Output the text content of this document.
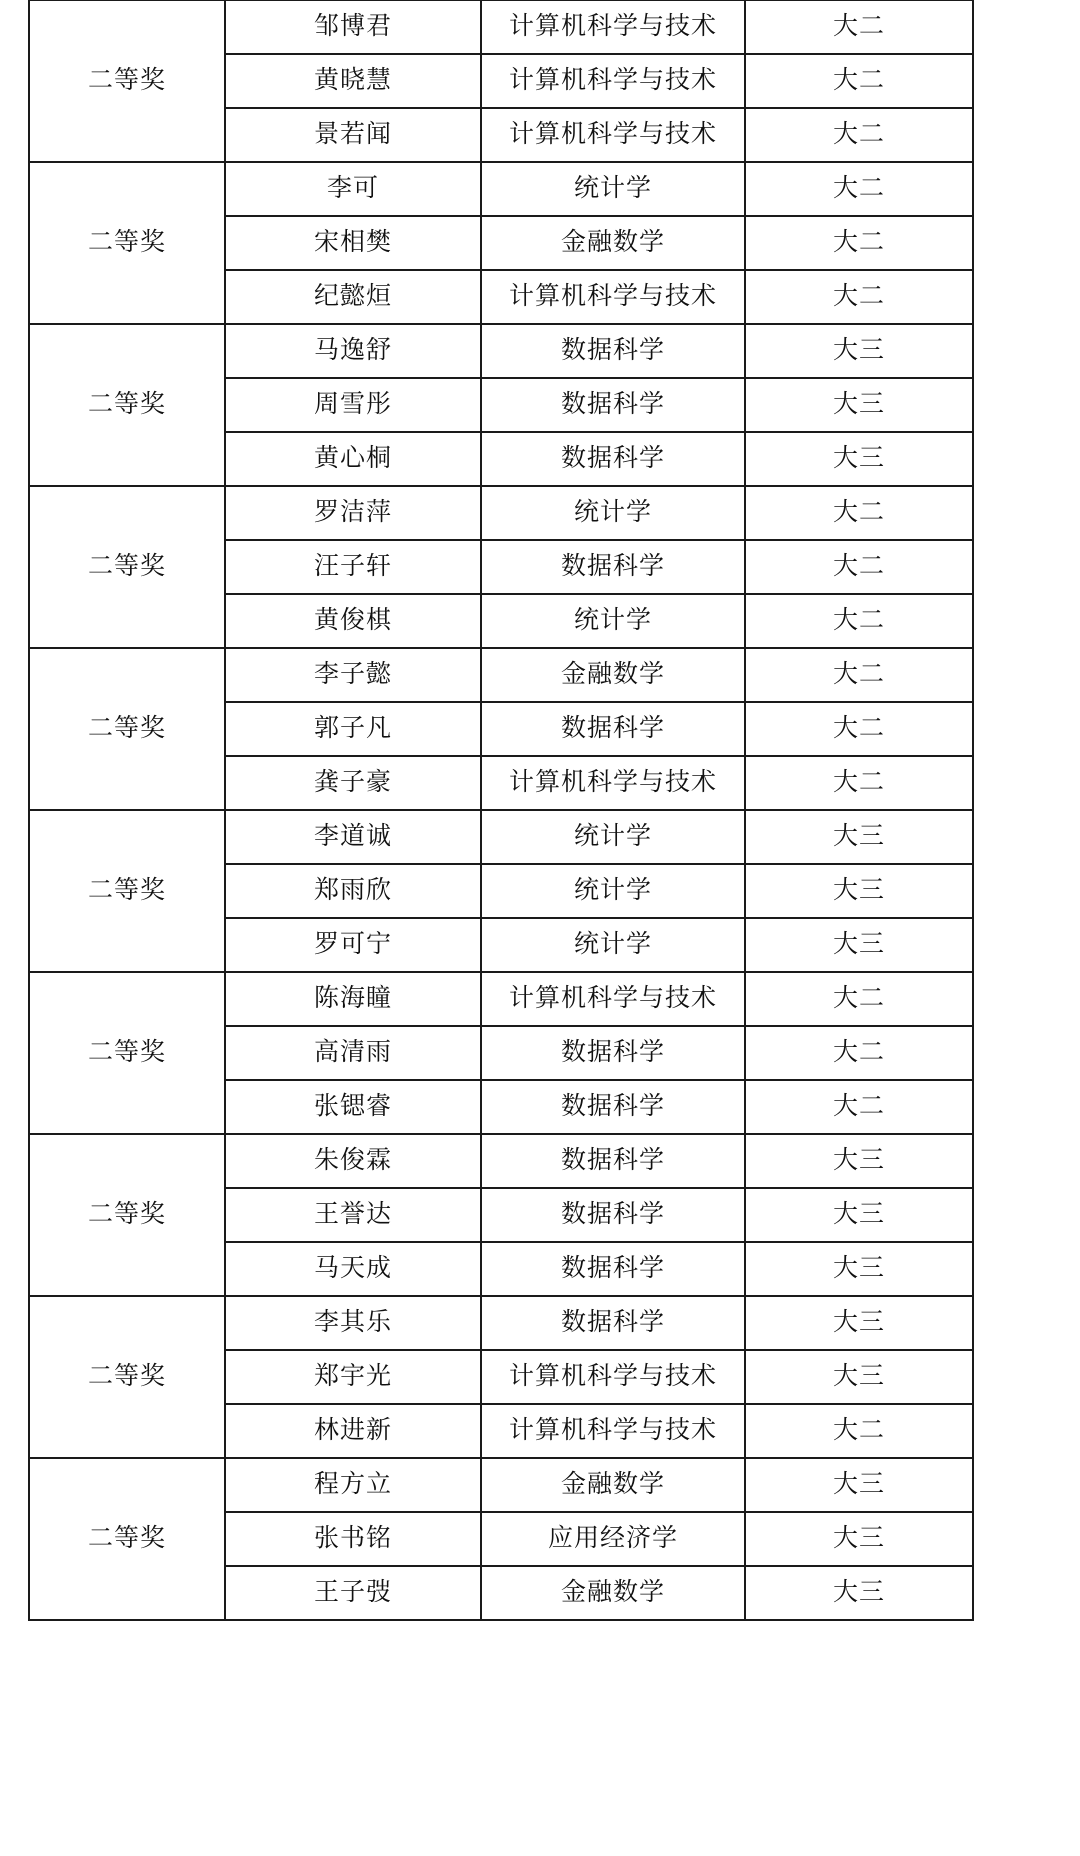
二等奖	邹博君	计算机科学与技术	大二
	黄晓慧	计算机科学与技术	大二
	景若闻	计算机科学与技术	大二
二等奖	李可	统计学	大二
	宋相樊	金融数学	大二
	纪懿烜	计算机科学与技术	大二
二等奖	马逸舒	数据科学	大三
	周雪彤	数据科学	大三
	黄心桐	数据科学	大三
二等奖	罗洁萍	统计学	大二
	汪子轩	数据科学	大二
	黄俊棋	统计学	大二
二等奖	李子懿	金融数学	大二
	郭子凡	数据科学	大二
	龚子豪	计算机科学与技术	大二
二等奖	李道诚	统计学	大三
	郑雨欣	统计学	大三
	罗可宁	统计学	大三
二等奖	陈海瞳	计算机科学与技术	大二
	高清雨	数据科学	大二
	张锶睿	数据科学	大二
二等奖	朱俊霖	数据科学	大三
	王誉达	数据科学	大三
	马天成	数据科学	大三
二等奖	李其乐	数据科学	大三
	郑宇光	计算机科学与技术	大三
	林进新	计算机科学与技术	大二
二等奖	程方立	金融数学	大三
	张书铭	应用经济学	大三
	王子弢	金融数学	大三
